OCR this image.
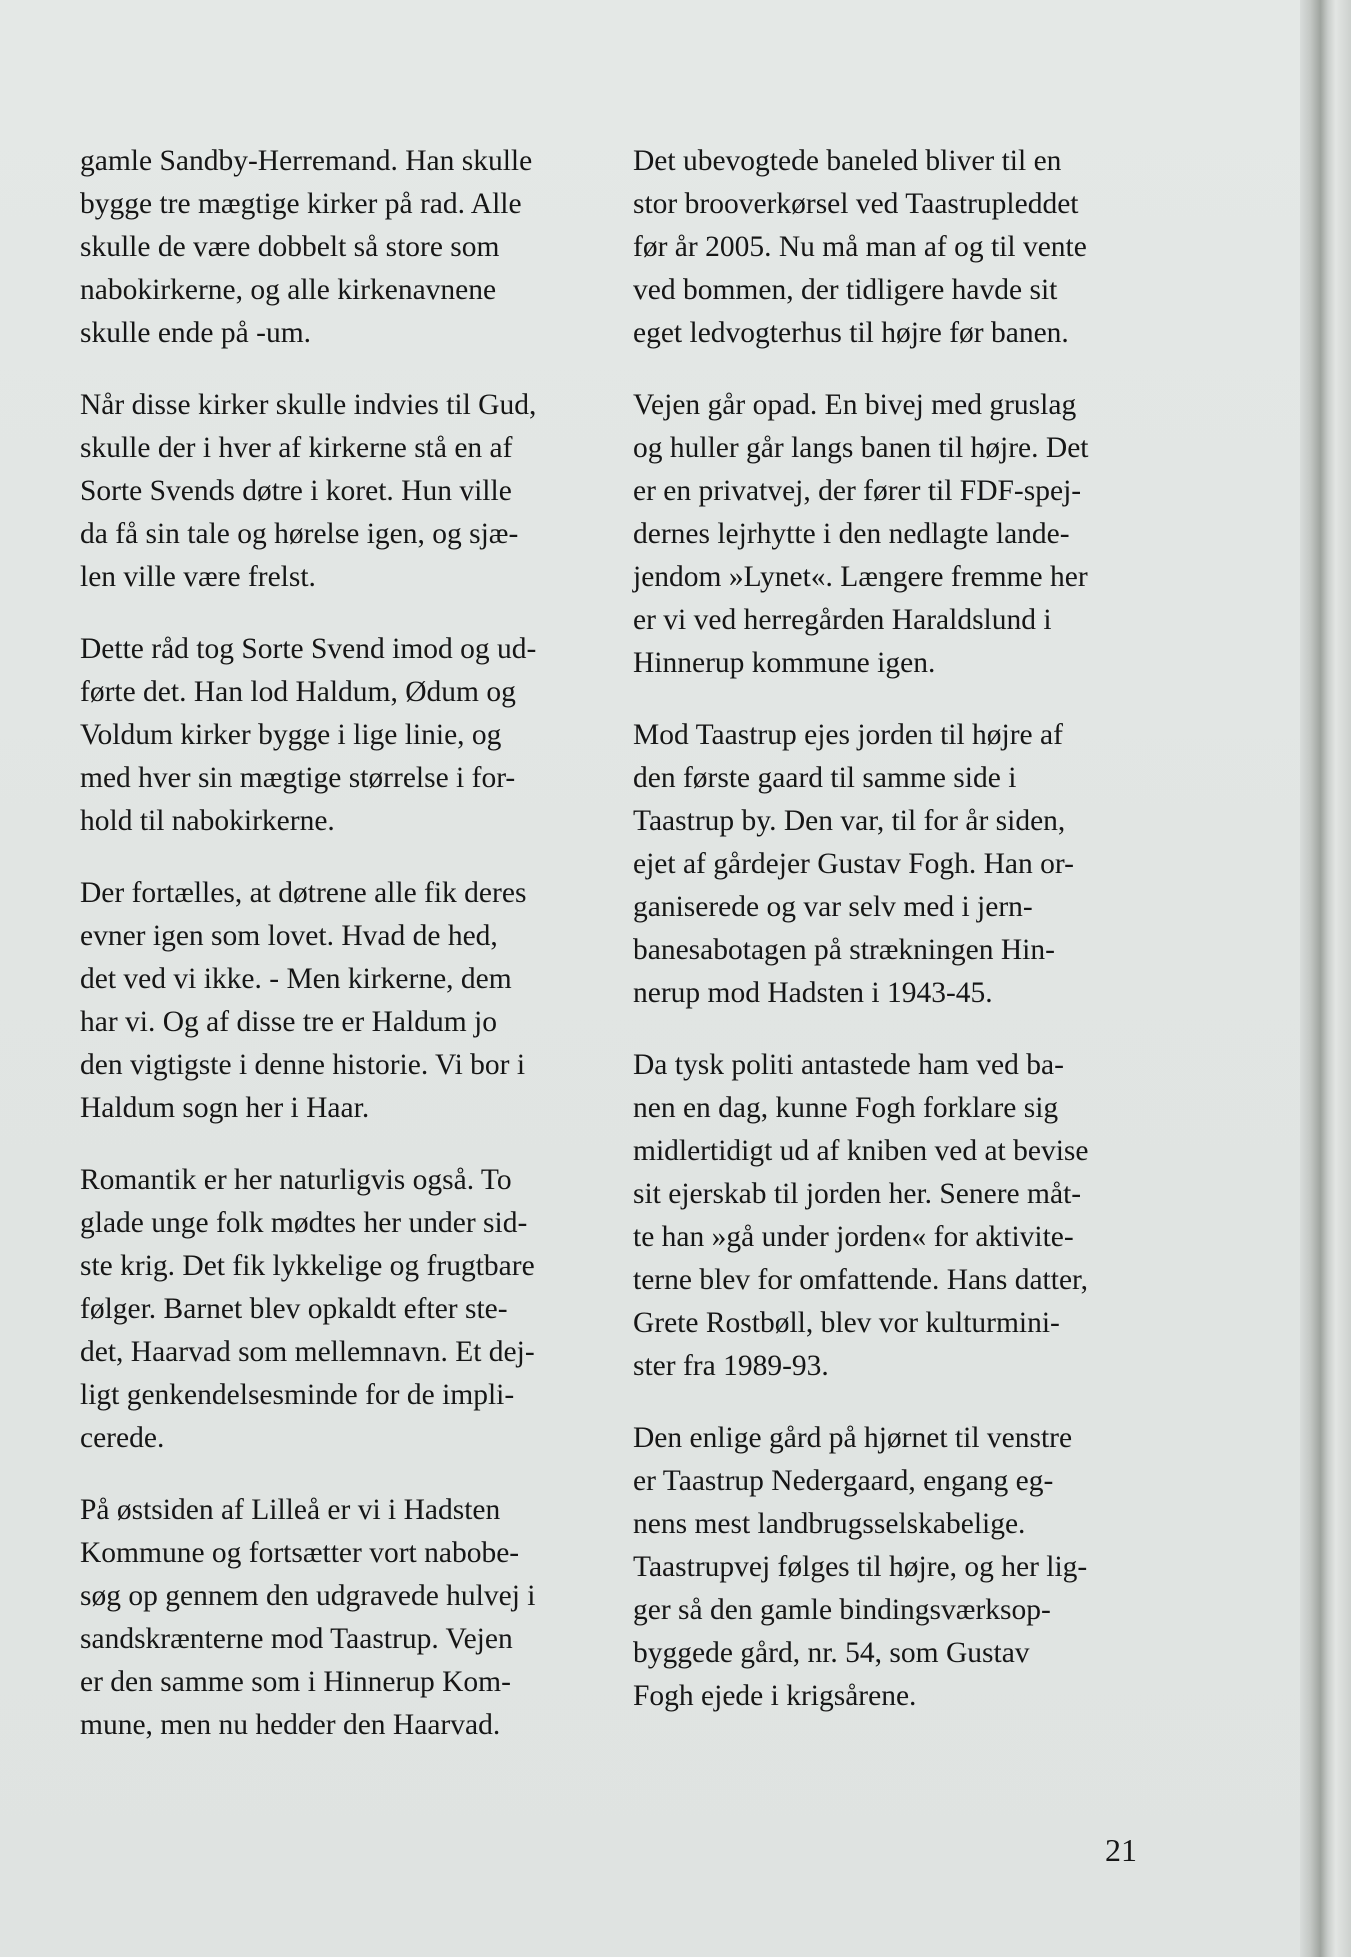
gamle Sandby-Herremand. Han skulle
bygge tre mægtige kirker på rad. Alle
skulle de være dobbelt så store som
nabokirkerne, og alle kirkenavnene
skulle ende på -um.

Når disse kirker skulle indvies til Gud,
skulle der i hver af kirkerne stå en af
Sorte Svends døtre i koret. Hun ville
da få sin tale og hørelse igen, og sjæ-
len ville være frelst.

Dette råd tog Sorte Svend imod og ud-
førte det. Han lod Haldum, Ødum og
Voldum kirker bygge i lige linie, og
med hver sin mægtige størrelse i for-
hold til nabokirkerne.

Der fortælles, at døtrene alle fik deres
evner igen som lovet. Hvad de hed,
det ved vi ikke. - Men kirkerne, dem
har vi. Og af disse tre er Haldum jo
den vigtigste i denne historie. Vi bor i
Haldum sogn her i Haar.

Romantik er her naturligvis også. To
glade unge folk mødtes her under sid-
ste krig. Det fik lykkelige og frugtbare
følger. Barnet blev opkaldt efter ste-
det, Haarvad som mellemnavn. Et dej-
ligt genkendelsesminde for de impli-
cerede.

På østsiden af Lilleå er vi i Hadsten
Kommune og fortsætter vort nabobe-
søg op gennem den udgravede hulvej i
sandskrænterne mod Taastrup. Vejen
er den samme som i Hinnerup Kom-
mune, men nu hedder den Haarvad.

Det ubevogtede baneled bliver til en
stor brooverkørsel ved Taastrupleddet
før år 2005. Nu må man af og til vente
ved bommen, der tidligere havde sit
eget ledvogterhus til højre før banen.

Vejen går opad. En bivej med gruslag
og huller går langs banen til højre. Det
er en privatvej, der fører til FDF-spej-
dernes lejrhytte i den nedlagte lande-
jendom »Lynet«. Længere fremme her
er vi ved herregården Haraldslund i
Hinnerup kommune igen.

Mod Taastrup ejes jorden til højre af
den første gaard til samme side i
Taastrup by. Den var, til for år siden,
ejet af gårdejer Gustav Fogh. Han or-
ganiserede og var selv med i jern-
banesabotagen på strækningen Hin-
nerup mod Hadsten i 1943-45.

Da tysk politi antastede ham ved ba-
nen en dag, kunne Fogh forklare sig
midlertidigt ud af kniben ved at bevise
sit ejerskab til jorden her. Senere måt-
te han »gå under jorden« for aktivite-
terne blev for omfattende. Hans datter,
Grete Rostbøll, blev vor kulturmini-
ster fra 1989-93.

Den enlige gård på hjørnet til venstre
er Taastrup Nedergaard, engang eg-
nens mest landbrugsselskabelige.
Taastrupvej følges til højre, og her lig-
ger så den gamle bindingsværksop-
byggede gård, nr. 54, som Gustav
Fogh ejede i krigsårene.

21
